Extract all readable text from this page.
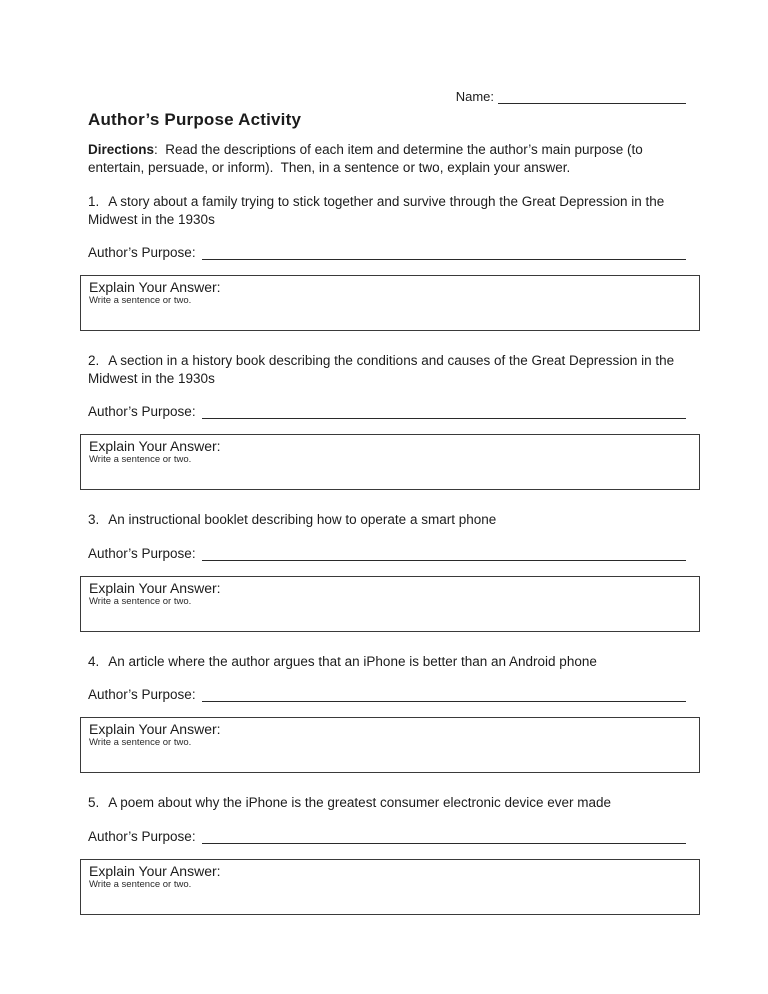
Name:
Author’s Purpose Activity

Directions:  Read the descriptions of each item and determine the author’s main purpose (to entertain, persuade, or inform).  Then, in a sentence or two, explain your answer.

1. A story about a family trying to stick together and survive through the Great Depression in the Midwest in the 1930s

Author’s Purpose:

Explain Your Answer:

Write a sentence or two.

2. A section in a history book describing the conditions and causes of the Great Depression in the Midwest in the 1930s

Author’s Purpose:

Explain Your Answer:

Write a sentence or two.

3. An instructional booklet describing how to operate a smart phone

Author’s Purpose:

Explain Your Answer:

Write a sentence or two.

4. An article where the author argues that an iPhone is better than an Android phone

Author’s Purpose:

Explain Your Answer:

Write a sentence or two.

5. A poem about why the iPhone is the greatest consumer electronic device ever made

Author’s Purpose:

Explain Your Answer:

Write a sentence or two.
